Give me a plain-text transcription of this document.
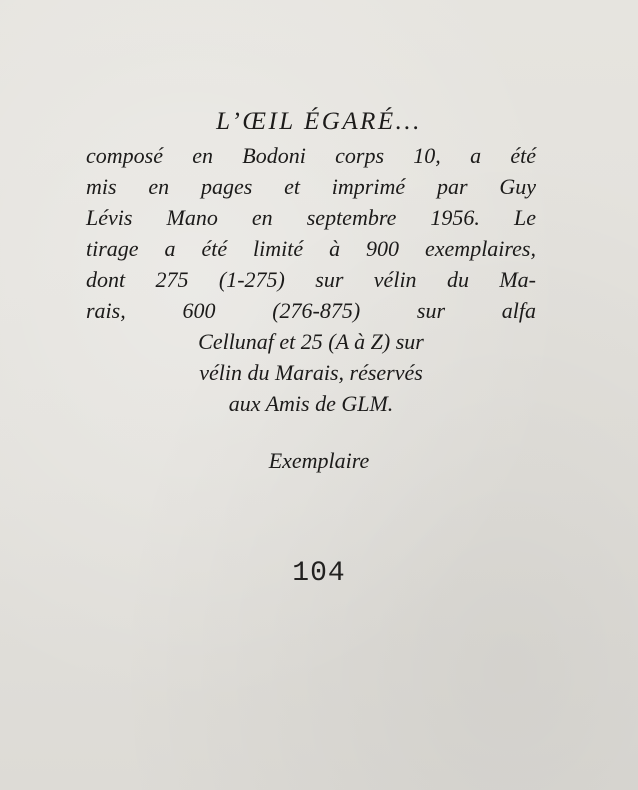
L’ŒIL ÉGARÉ...
composé en Bodoni corps 10, a été
mis en pages et imprimé par Guy
Lévis Mano en septembre 1956. Le
tirage a été limité à 900 exemplaires,
dont 275 (1-275) sur vélin du Ma-
rais, 600 (276-875) sur alfa
Cellunaf et 25 (A à Z) sur
vélin du Marais, réservés
aux Amis de GLM.
Exemplaire
104
